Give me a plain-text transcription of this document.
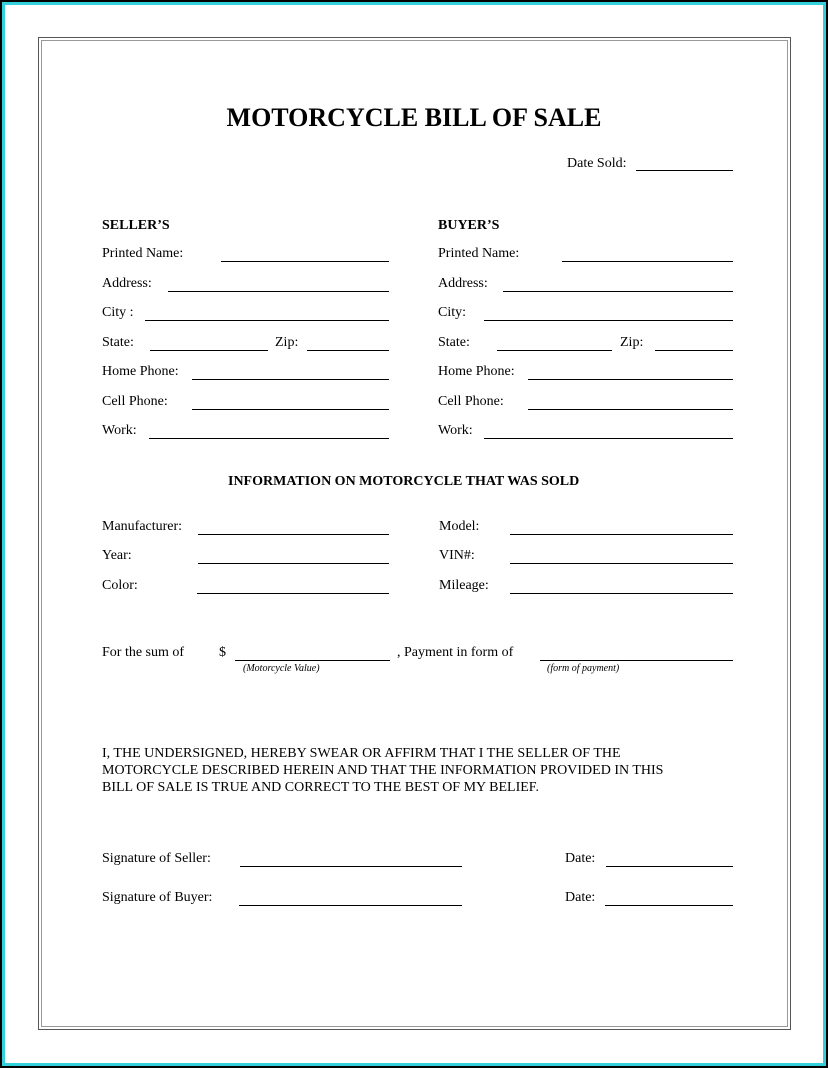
MOTORCYCLE BILL OF SALE
Date Sold:
SELLER’S
Printed Name:
Address:
City :
State:	Zip:
Home Phone:
Cell Phone:
Work:
BUYER’S
Printed Name:
Address:
City:
State:	Zip:
Home Phone:
Cell Phone:
Work:
INFORMATION ON MOTORCYCLE THAT WAS SOLD
Manufacturer:	Model:
Year:	VIN#:
Color:	Mileage:
For the sum of $
(Motorcycle Value)
, Payment in form of
(form of payment)
I, THE UNDERSIGNED, HEREBY SWEAR OR AFFIRM THAT I THE SELLER OF THE
MOTORCYCLE DESCRIBED HEREIN AND THAT THE INFORMATION PROVIDED IN THIS
BILL OF SALE IS TRUE AND CORRECT TO THE BEST OF MY BELIEF.
Signature of Seller:	Date:
Signature of Buyer:	Date:
